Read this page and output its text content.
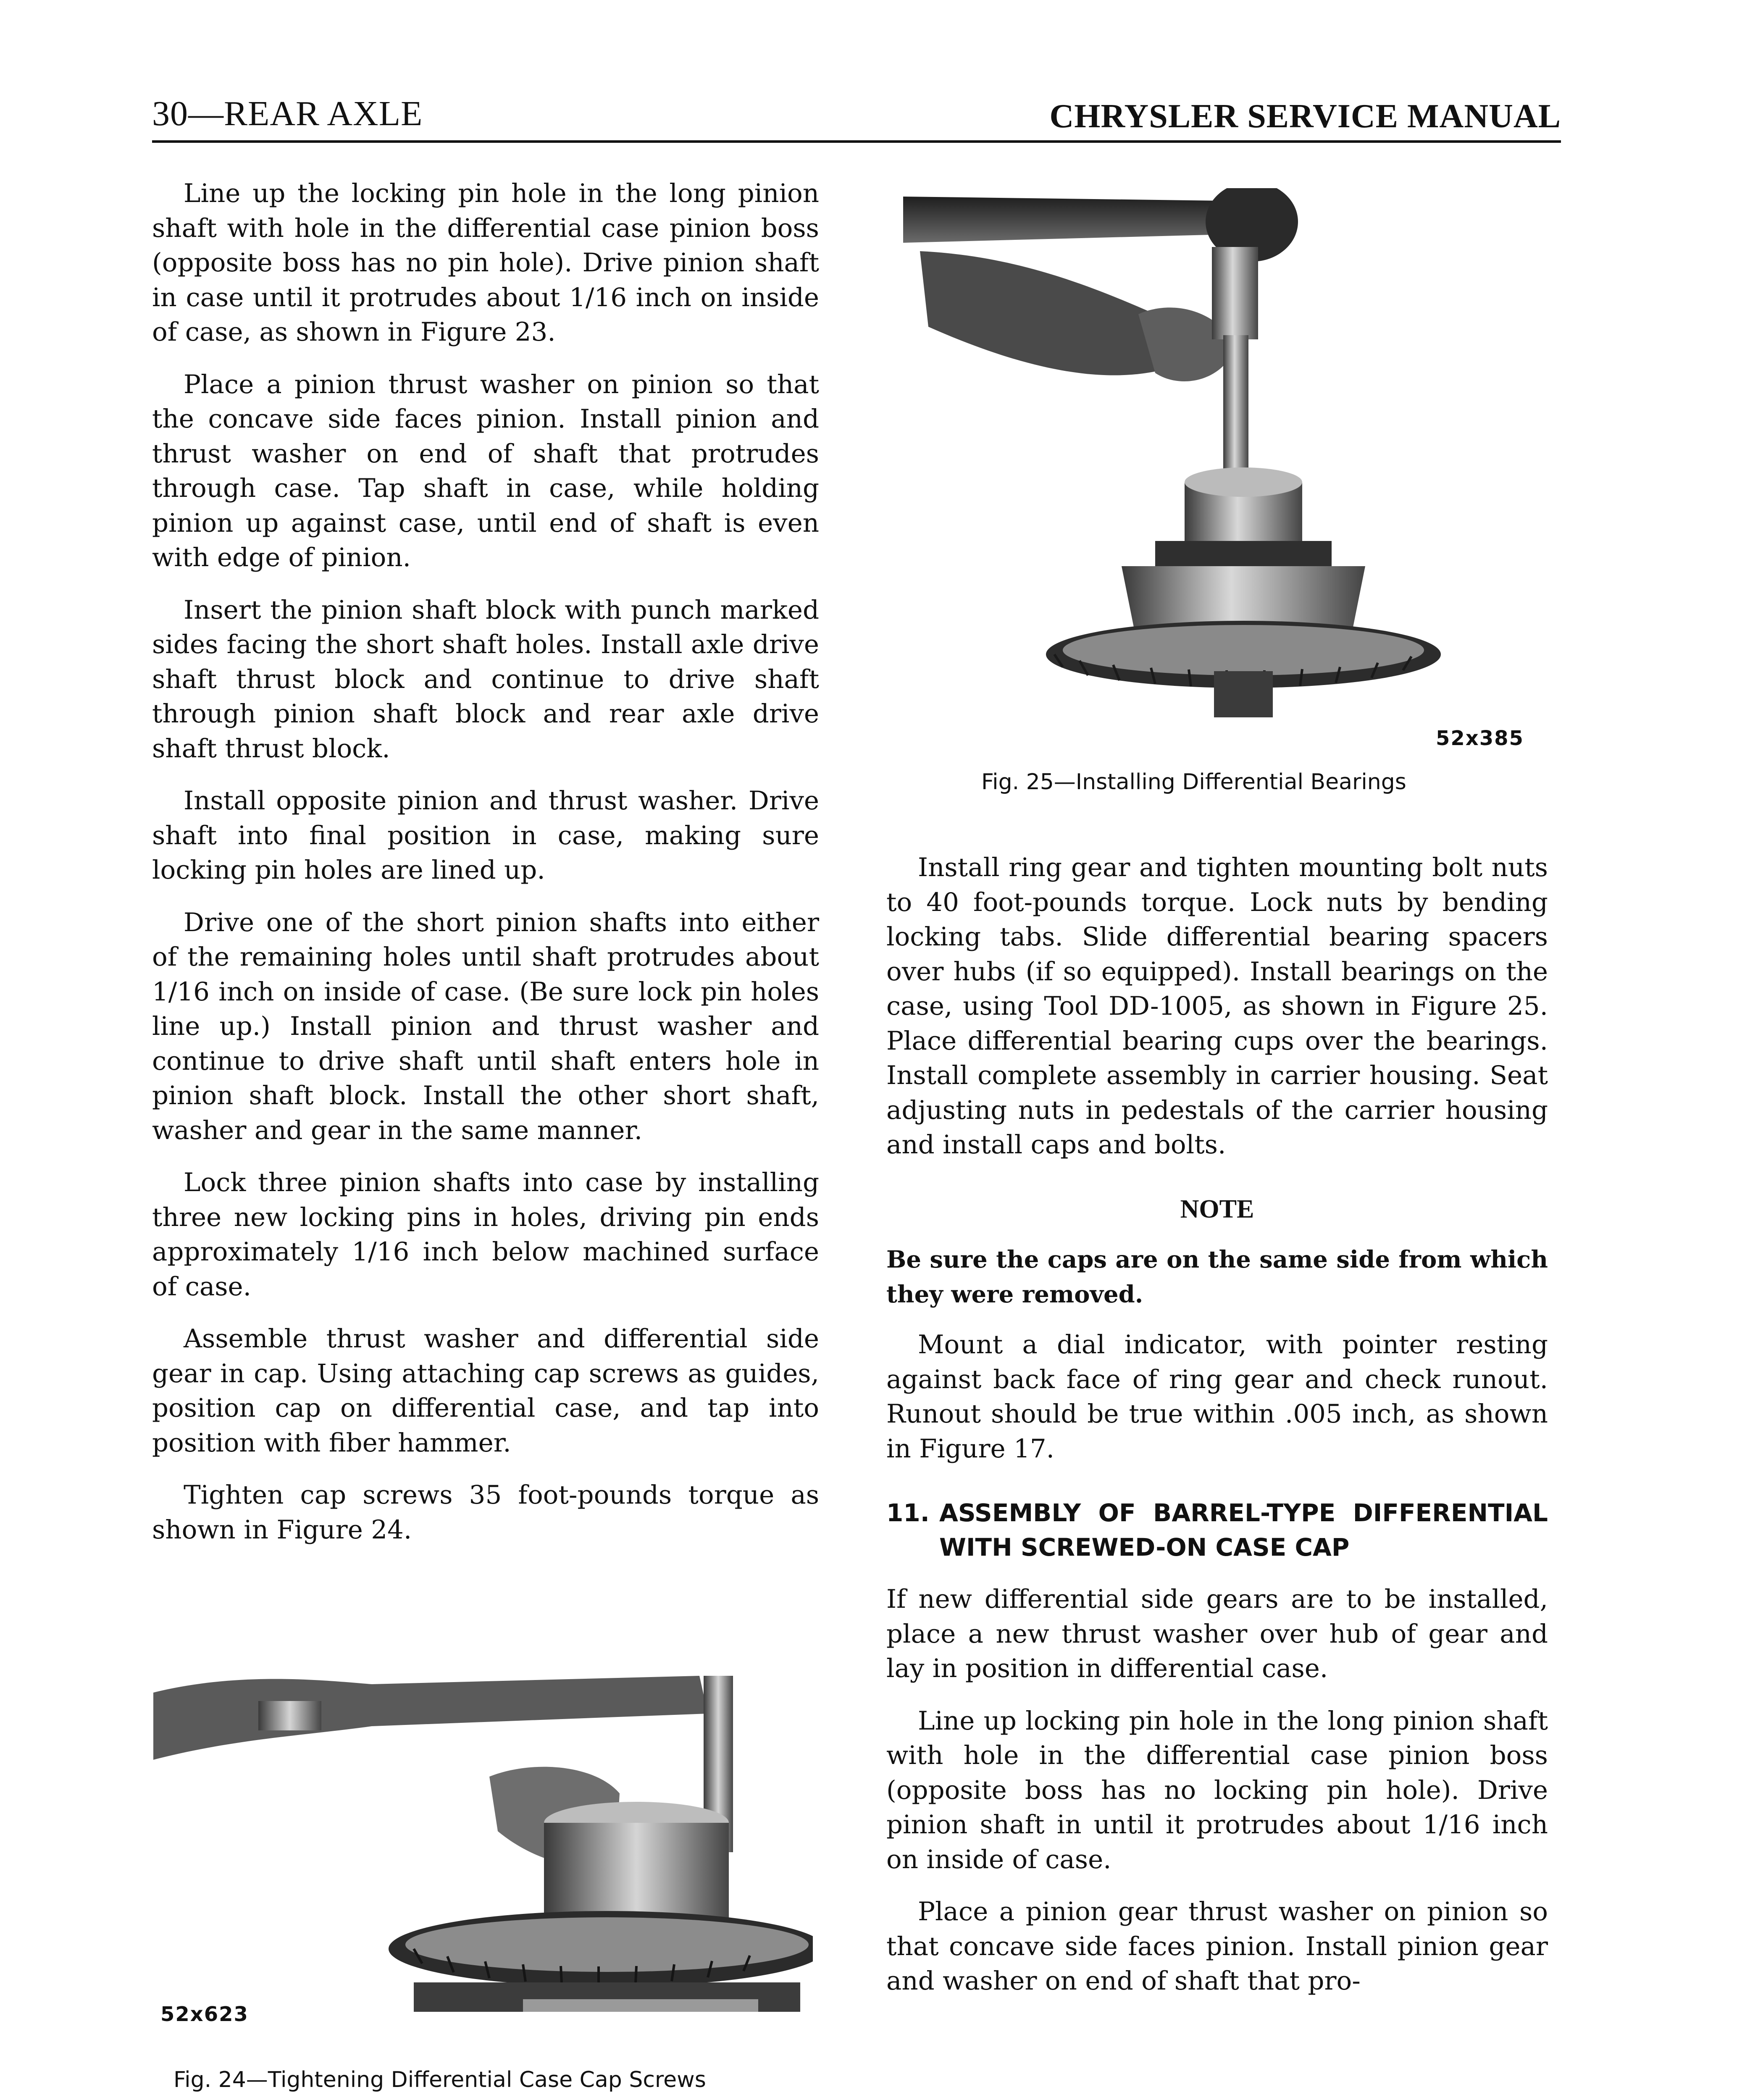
30—REAR AXLE	CHRYSLER SERVICE MANUAL

Line up the locking pin hole in the long pinion shaft with hole in the differential case pinion boss (opposite boss has no pin hole). Drive pinion shaft in case until it protrudes about 1/16 inch on inside of case, as shown in Figure 23.

Place a pinion thrust washer on pinion so that the concave side faces pinion. Install pinion and thrust washer on end of shaft that protrudes through case. Tap shaft in case, while holding pinion up against case, until end of shaft is even with edge of pinion.

Insert the pinion shaft block with punch marked sides facing the short shaft holes. Install axle drive shaft thrust block and continue to drive shaft through pinion shaft block and rear axle drive shaft thrust block.

Install opposite pinion and thrust washer. Drive shaft into final position in case, making sure locking pin holes are lined up.

Drive one of the short pinion shafts into either of the remaining holes until shaft protrudes about 1/16 inch on inside of case. (Be sure lock pin holes line up.) Install pinion and thrust washer and continue to drive shaft until shaft enters hole in pinion shaft block. Install the other short shaft, washer and gear in the same manner.

Lock three pinion shafts into case by installing three new locking pins in holes, driving pin ends approximately 1/16 inch below machined surface of case.

Assemble thrust washer and differential side gear in cap. Using attaching cap screws as guides, position cap on differential case, and tap into position with fiber hammer.

Tighten cap screws 35 foot-pounds torque as shown in Figure 24.

52x385
Fig. 25—Installing Differential Bearings

Install ring gear and tighten mounting bolt nuts to 40 foot-pounds torque. Lock nuts by bending locking tabs. Slide differential bearing spacers over hubs (if so equipped). Install bearings on the case, using Tool DD-1005, as shown in Figure 25. Place differential bearing cups over the bearings. Install complete assembly in carrier housing. Seat adjusting nuts in pedestals of the carrier housing and install caps and bolts.

NOTE
Be sure the caps are on the same side from which they were removed.

Mount a dial indicator, with pointer resting against back face of ring gear and check runout. Runout should be true within .005 inch, as shown in Figure 17.

11. ASSEMBLY OF BARREL-TYPE DIFFERENTIAL WITH SCREWED-ON CASE CAP

If new differential side gears are to be installed, place a new thrust washer over hub of gear and lay in position in differential case.

Line up locking pin hole in the long pinion shaft with hole in the differential case pinion boss (opposite boss has no locking pin hole). Drive pinion shaft in until it protrudes about 1/16 inch on inside of case.

Place a pinion gear thrust washer on pinion so that concave side faces pinion. Install pinion gear and washer on end of shaft that pro-

52x623
Fig. 24—Tightening Differential Case Cap Screws
